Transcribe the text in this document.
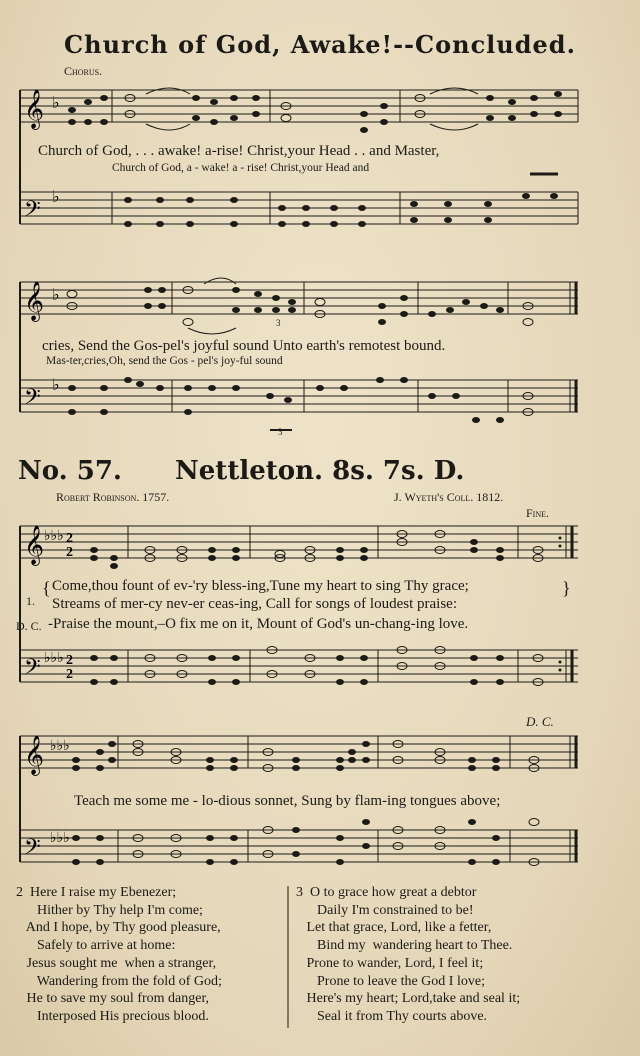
Church of God, Awake!--Concluded.
Chorus.
𝄞
𝄢
♭
♭
Church of God, . . . awake! a-rise! Christ,your Head . . and Master,
Church of God, a - wake! a - rise! Christ,your Head and
𝄞
𝄢
♭
♭
3
3
cries, Send the Gos-pel's joyful sound Unto earth's remotest bound.
Mas-ter,cries,Oh, send the Gos - pel's joy-ful sound
No. 57. Nettleton. 8s. 7s. D.
Robert Robinson. 1757.	J. Wyeth's Coll. 1812.
Fine.
𝄞
𝄢
♭♭♭
♭♭♭
2
2
2
2
1.
{ Come,thou fount of ev-'ry bless-ing,Tune my heart to sing Thy grace;
Streams of mer-cy nev-er ceas-ing, Call for songs of loudest praise:
}
D. C. -Praise the mount,–O fix me on it, Mount of God's un-chang-ing love.
D. C.
𝄞
𝄢
♭♭♭
♭♭♭
Teach me some me - lo-dious sonnet, Sung by flam-ing tongues above;
2  Here I raise my Ebenezer;
Hither by Thy help I'm come;
And I hope, by Thy good pleasure,
Safely to arrive at home:
Jesus sought me  when a stranger,
Wandering from the fold of God;
He to save my soul from danger,
Interposed His precious blood.
3  O to grace how great a debtor
Daily I'm constrained to be!
Let that grace, Lord, like a fetter,
Bind my  wandering heart to Thee.
Prone to wander, Lord, I feel it;
Prone to leave the God I love;
Here's my heart; Lord,take and seal it;
Seal it from Thy courts above.
